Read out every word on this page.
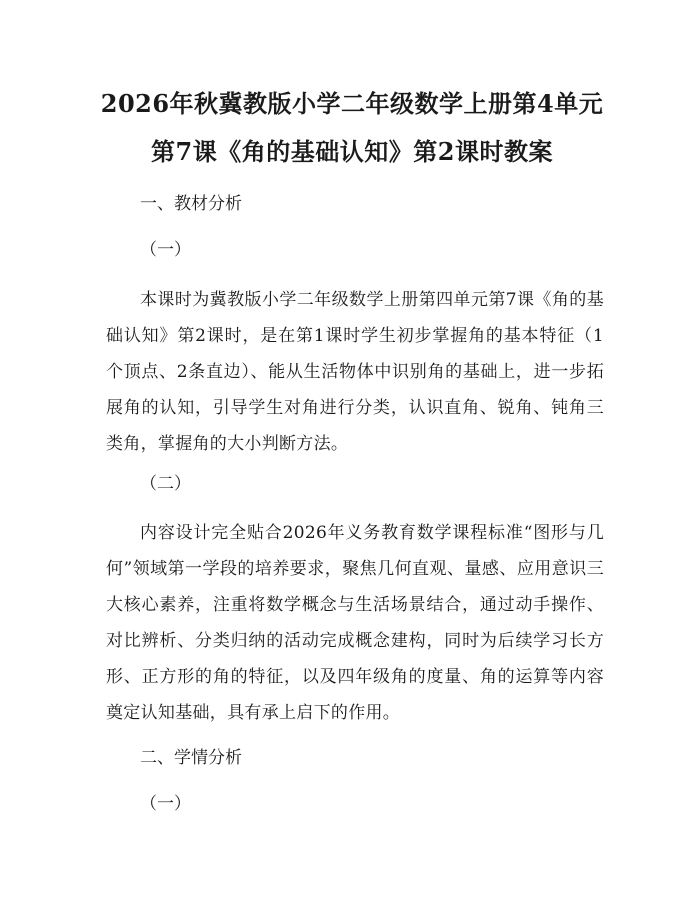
2026年秋冀教版小学二年级数学上册第4单元第7课《角的基础认知》第2课时教案
一、教材分析
（一）

本课时为冀教版小学二年级数学上册第四单元第7课《角的基础认知》第2课时，是在第1课时学生初步掌握角的基本特征（1个顶点、2条直边）、能从生活物体中识别角的基础上，进一步拓展角的认知，引导学生对角进行分类，认识直角、锐角、钝角三类角，掌握角的大小判断方法。

（二）

内容设计完全贴合2026年义务教育数学课程标准“图形与几何”领域第一学段的培养要求，聚焦几何直观、量感、应用意识三大核心素养，注重将数学概念与生活场景结合，通过动手操作、对比辨析、分类归纳的活动完成概念建构，同时为后续学习长方形、正方形的角的特征，以及四年级角的度量、角的运算等内容奠定认知基础，具有承上启下的作用。

二、学情分析
（一）
